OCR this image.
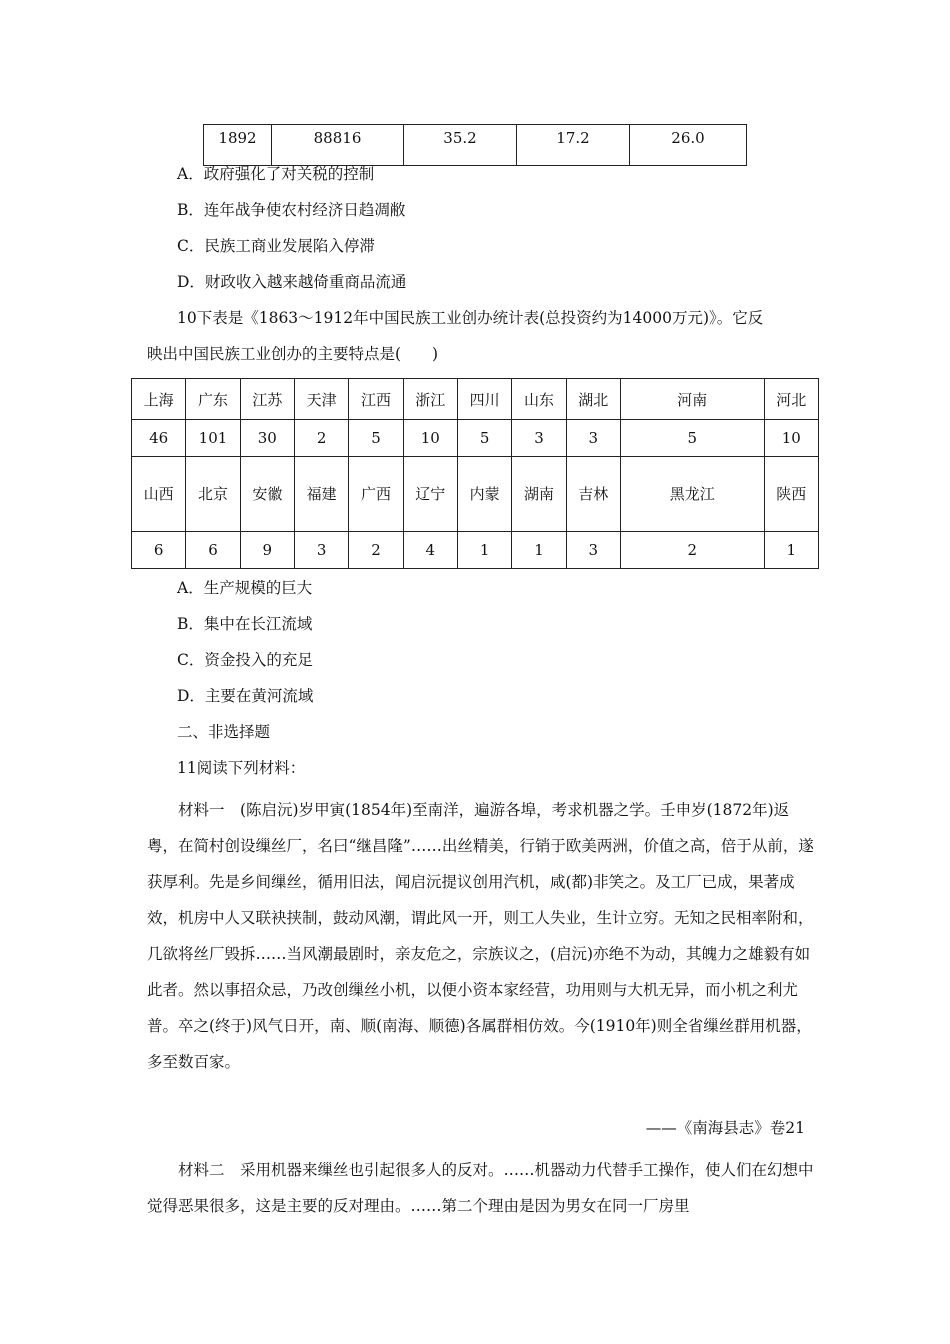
1892	88816	35.2	17.2	26.0
A．政府强化了对关税的控制
B．连年战争使农村经济日趋凋敝
C．民族工商业发展陷入停滞
D．财政收入越来越倚重商品流通
10下表是《1863～1912年中国民族工业创办统计表(总投资约为14000万元)》。它反
映出中国民族工业创办的主要特点是(　　)
上海	广东	江苏	天津	江西	浙江	四川	山东	湖北	河南	河北
46	101	30	2	5	10	5	3	3	5	10
山西	北京	安徽	福建	广西	辽宁	内蒙	湖南	吉林	黑龙江	陕西
6	6	9	3	2	4	1	1	3	2	1
A．生产规模的巨大
B．集中在长江流域
C．资金投入的充足
D．主要在黄河流域
二、非选择题
11阅读下列材料：
材料一　(陈启沅)岁甲寅(1854年)至南洋，遍游各埠，考求机器之学。壬申岁(1872年)返粤，在简村创设缫丝厂，名曰“继昌隆”……出丝精美，行销于欧美两洲，价值之高，倍于从前，遂获厚利。先是乡间缫丝，循用旧法，闻启沅提议创用汽机，咸(都)非笑之。及工厂已成，果著成效，机房中人又联袂挟制，鼓动风潮，谓此风一开，则工人失业，生计立穷。无知之民相率附和，几欲将丝厂毁拆……当风潮最剧时，亲友危之，宗族议之，(启沅)亦绝不为动，其魄力之雄毅有如此者。然以事招众忌，乃改创缫丝小机，以便小资本家经营，功用则与大机无异，而小机之利尤普。卒之(终于)风气日开，南、顺(南海、顺德)各属群相仿效。今(1910年)则全省缫丝群用机器，多至数百家。
——《南海县志》卷21
材料二　采用机器来缫丝也引起很多人的反对。……机器动力代替手工操作，使人们在幻想中觉得恶果很多，这是主要的反对理由。……第二个理由是因为男女在同一厂房里
